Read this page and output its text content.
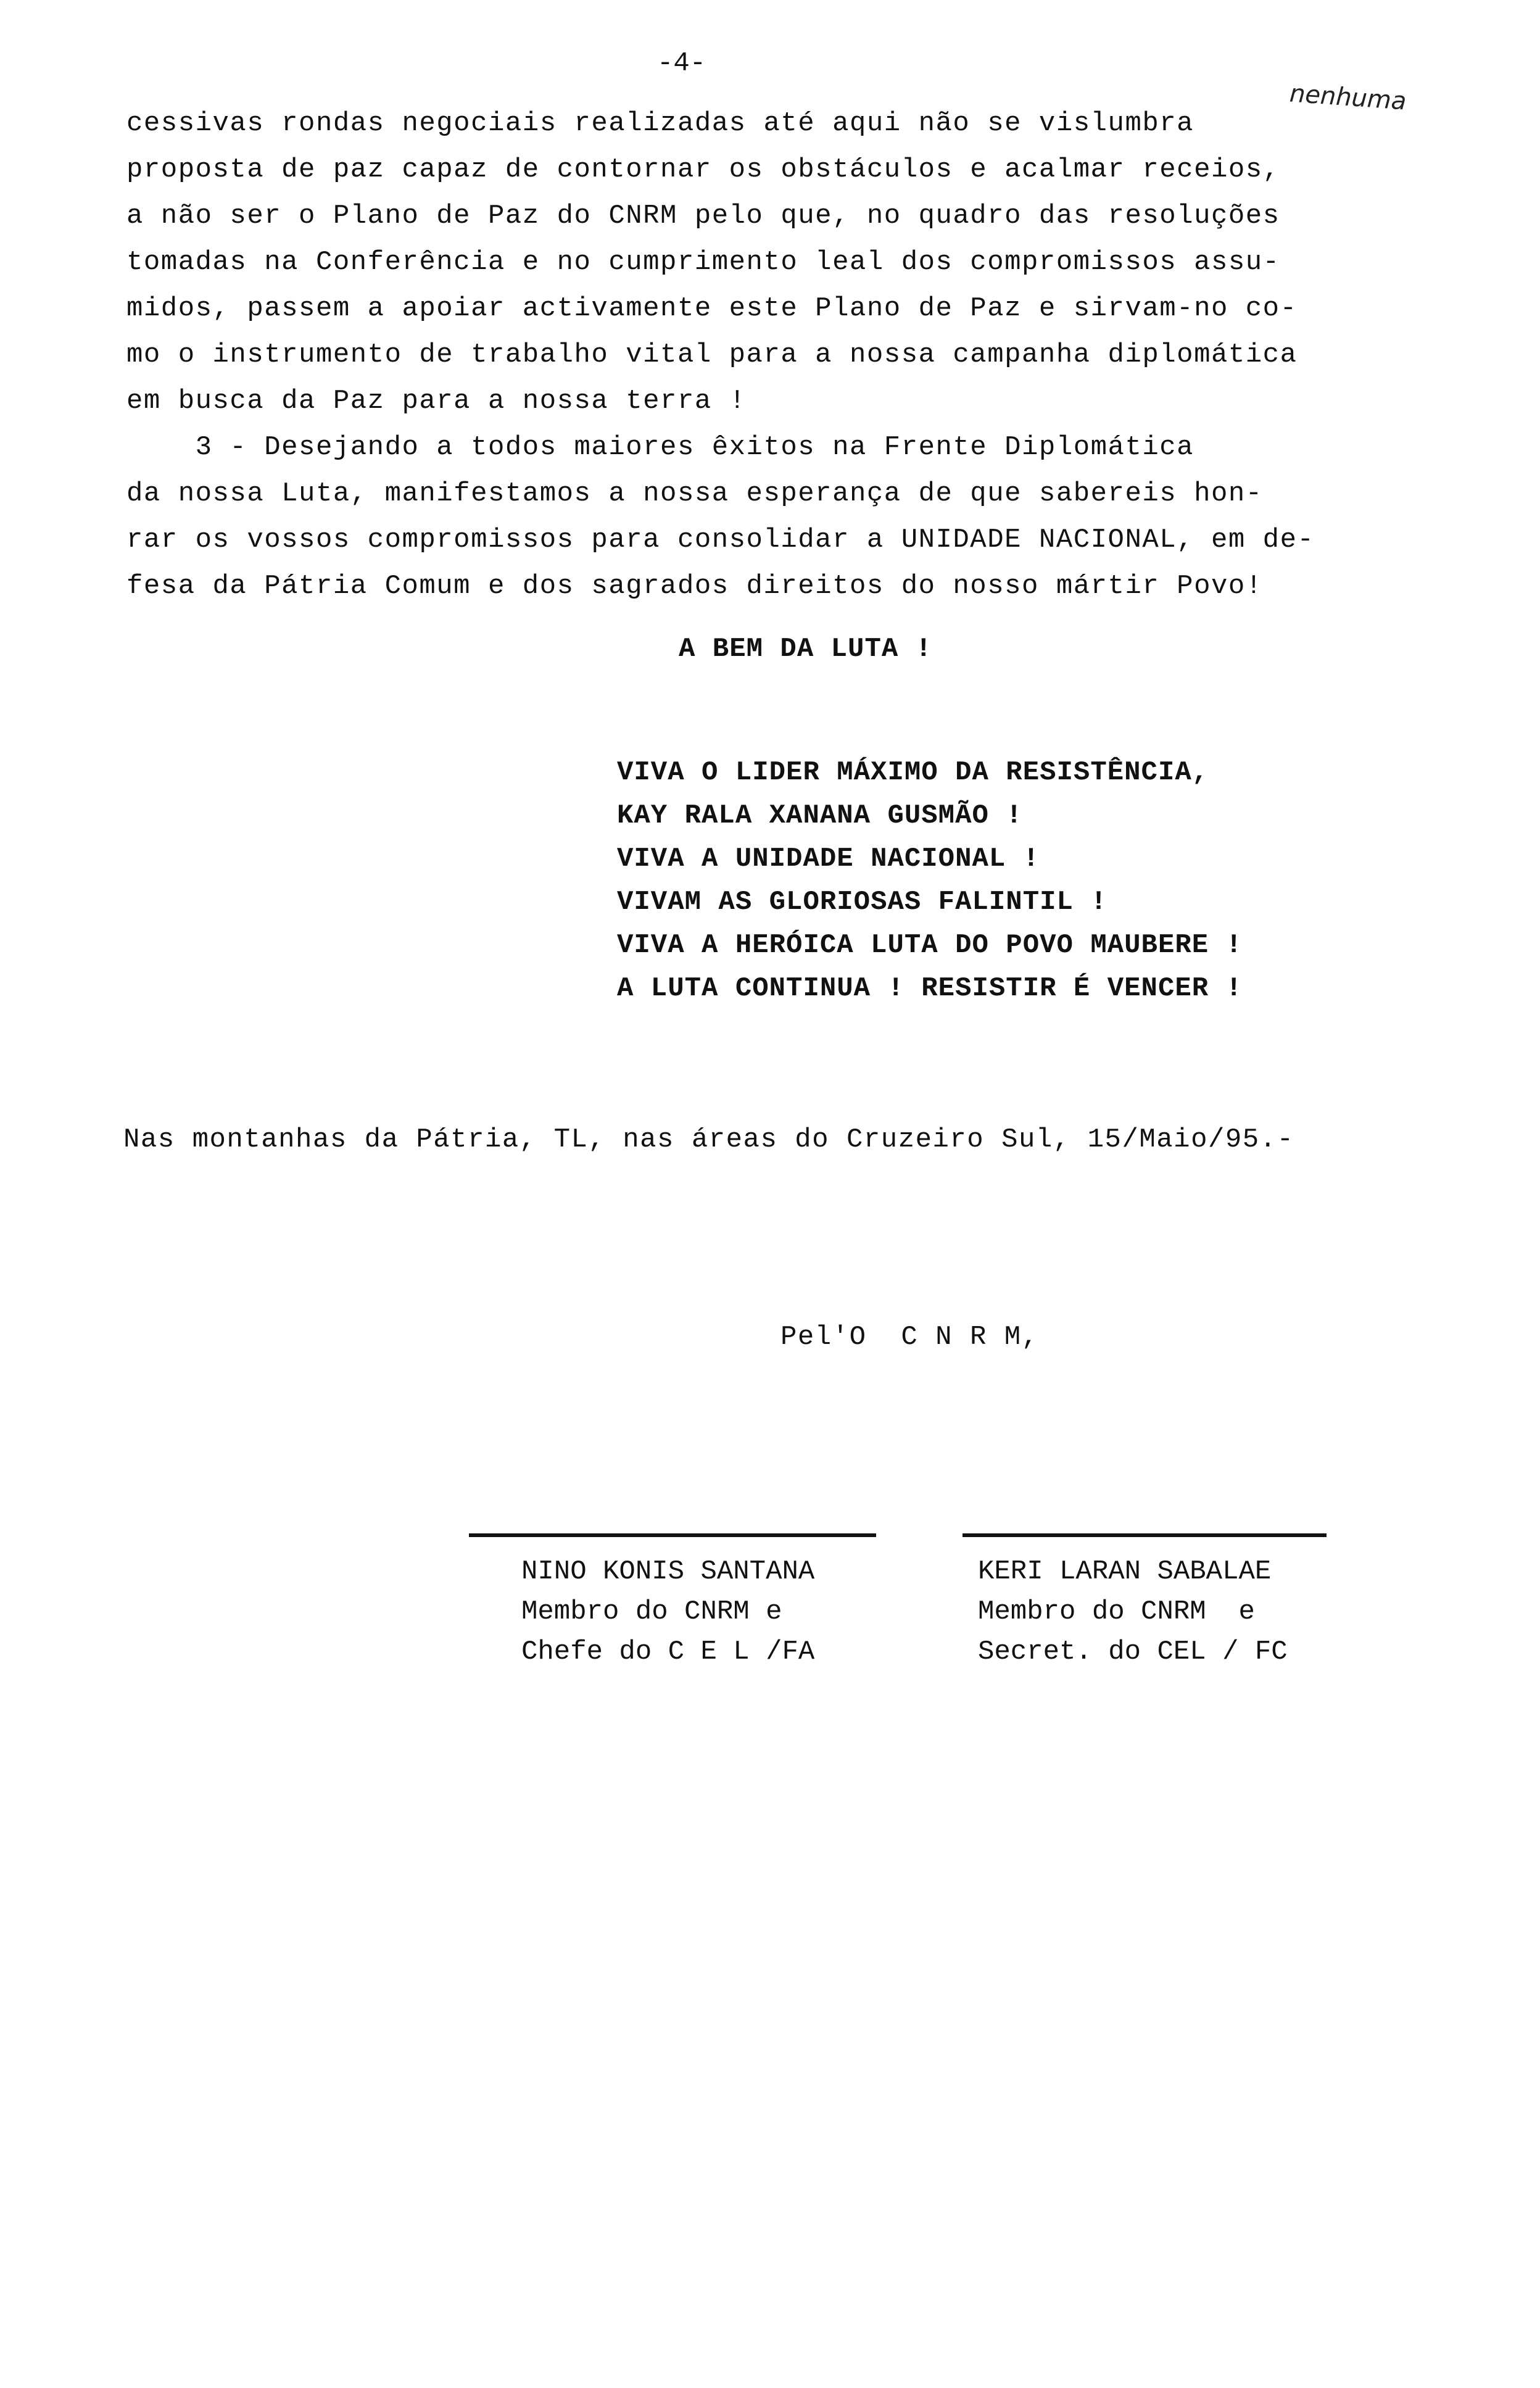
-4-
nenhuma
cessivas rondas negociais realizadas até aqui não se vislumbra
proposta de paz capaz de contornar os obstáculos e acalmar receios,
a não ser o Plano de Paz do CNRM pelo que, no quadro das resoluções
tomadas na Conferência e no cumprimento leal dos compromissos assu-
midos, passem a apoiar activamente este Plano de Paz e sirvam-no co-
mo o instrumento de trabalho vital para a nossa campanha diplomática
em busca da Paz para a nossa terra !
3 - Desejando a todos maiores êxitos na Frente Diplomática
da nossa Luta, manifestamos a nossa esperança de que sabereis hon-
rar os vossos compromissos para consolidar a UNIDADE NACIONAL, em de-
fesa da Pátria Comum e dos sagrados direitos do nosso mártir Povo!
A BEM DA LUTA !
VIVA O LIDER MÁXIMO DA RESISTÊNCIA,
KAY RALA XANANA GUSMÃO !
VIVA A UNIDADE NACIONAL !
VIVAM AS GLORIOSAS FALINTIL !
VIVA A HERÓICA LUTA DO POVO MAUBERE !
A LUTA CONTINUA ! RESISTIR É VENCER !
Nas montanhas da Pátria, TL, nas áreas do Cruzeiro Sul, 15/Maio/95.-
Pel'O  C N R M,
NINO KONIS SANTANA
Membro do CNRM e
Chefe do C E L /FA
KERI LARAN SABALAE
Membro do CNRM  e
Secret. do CEL / FC
